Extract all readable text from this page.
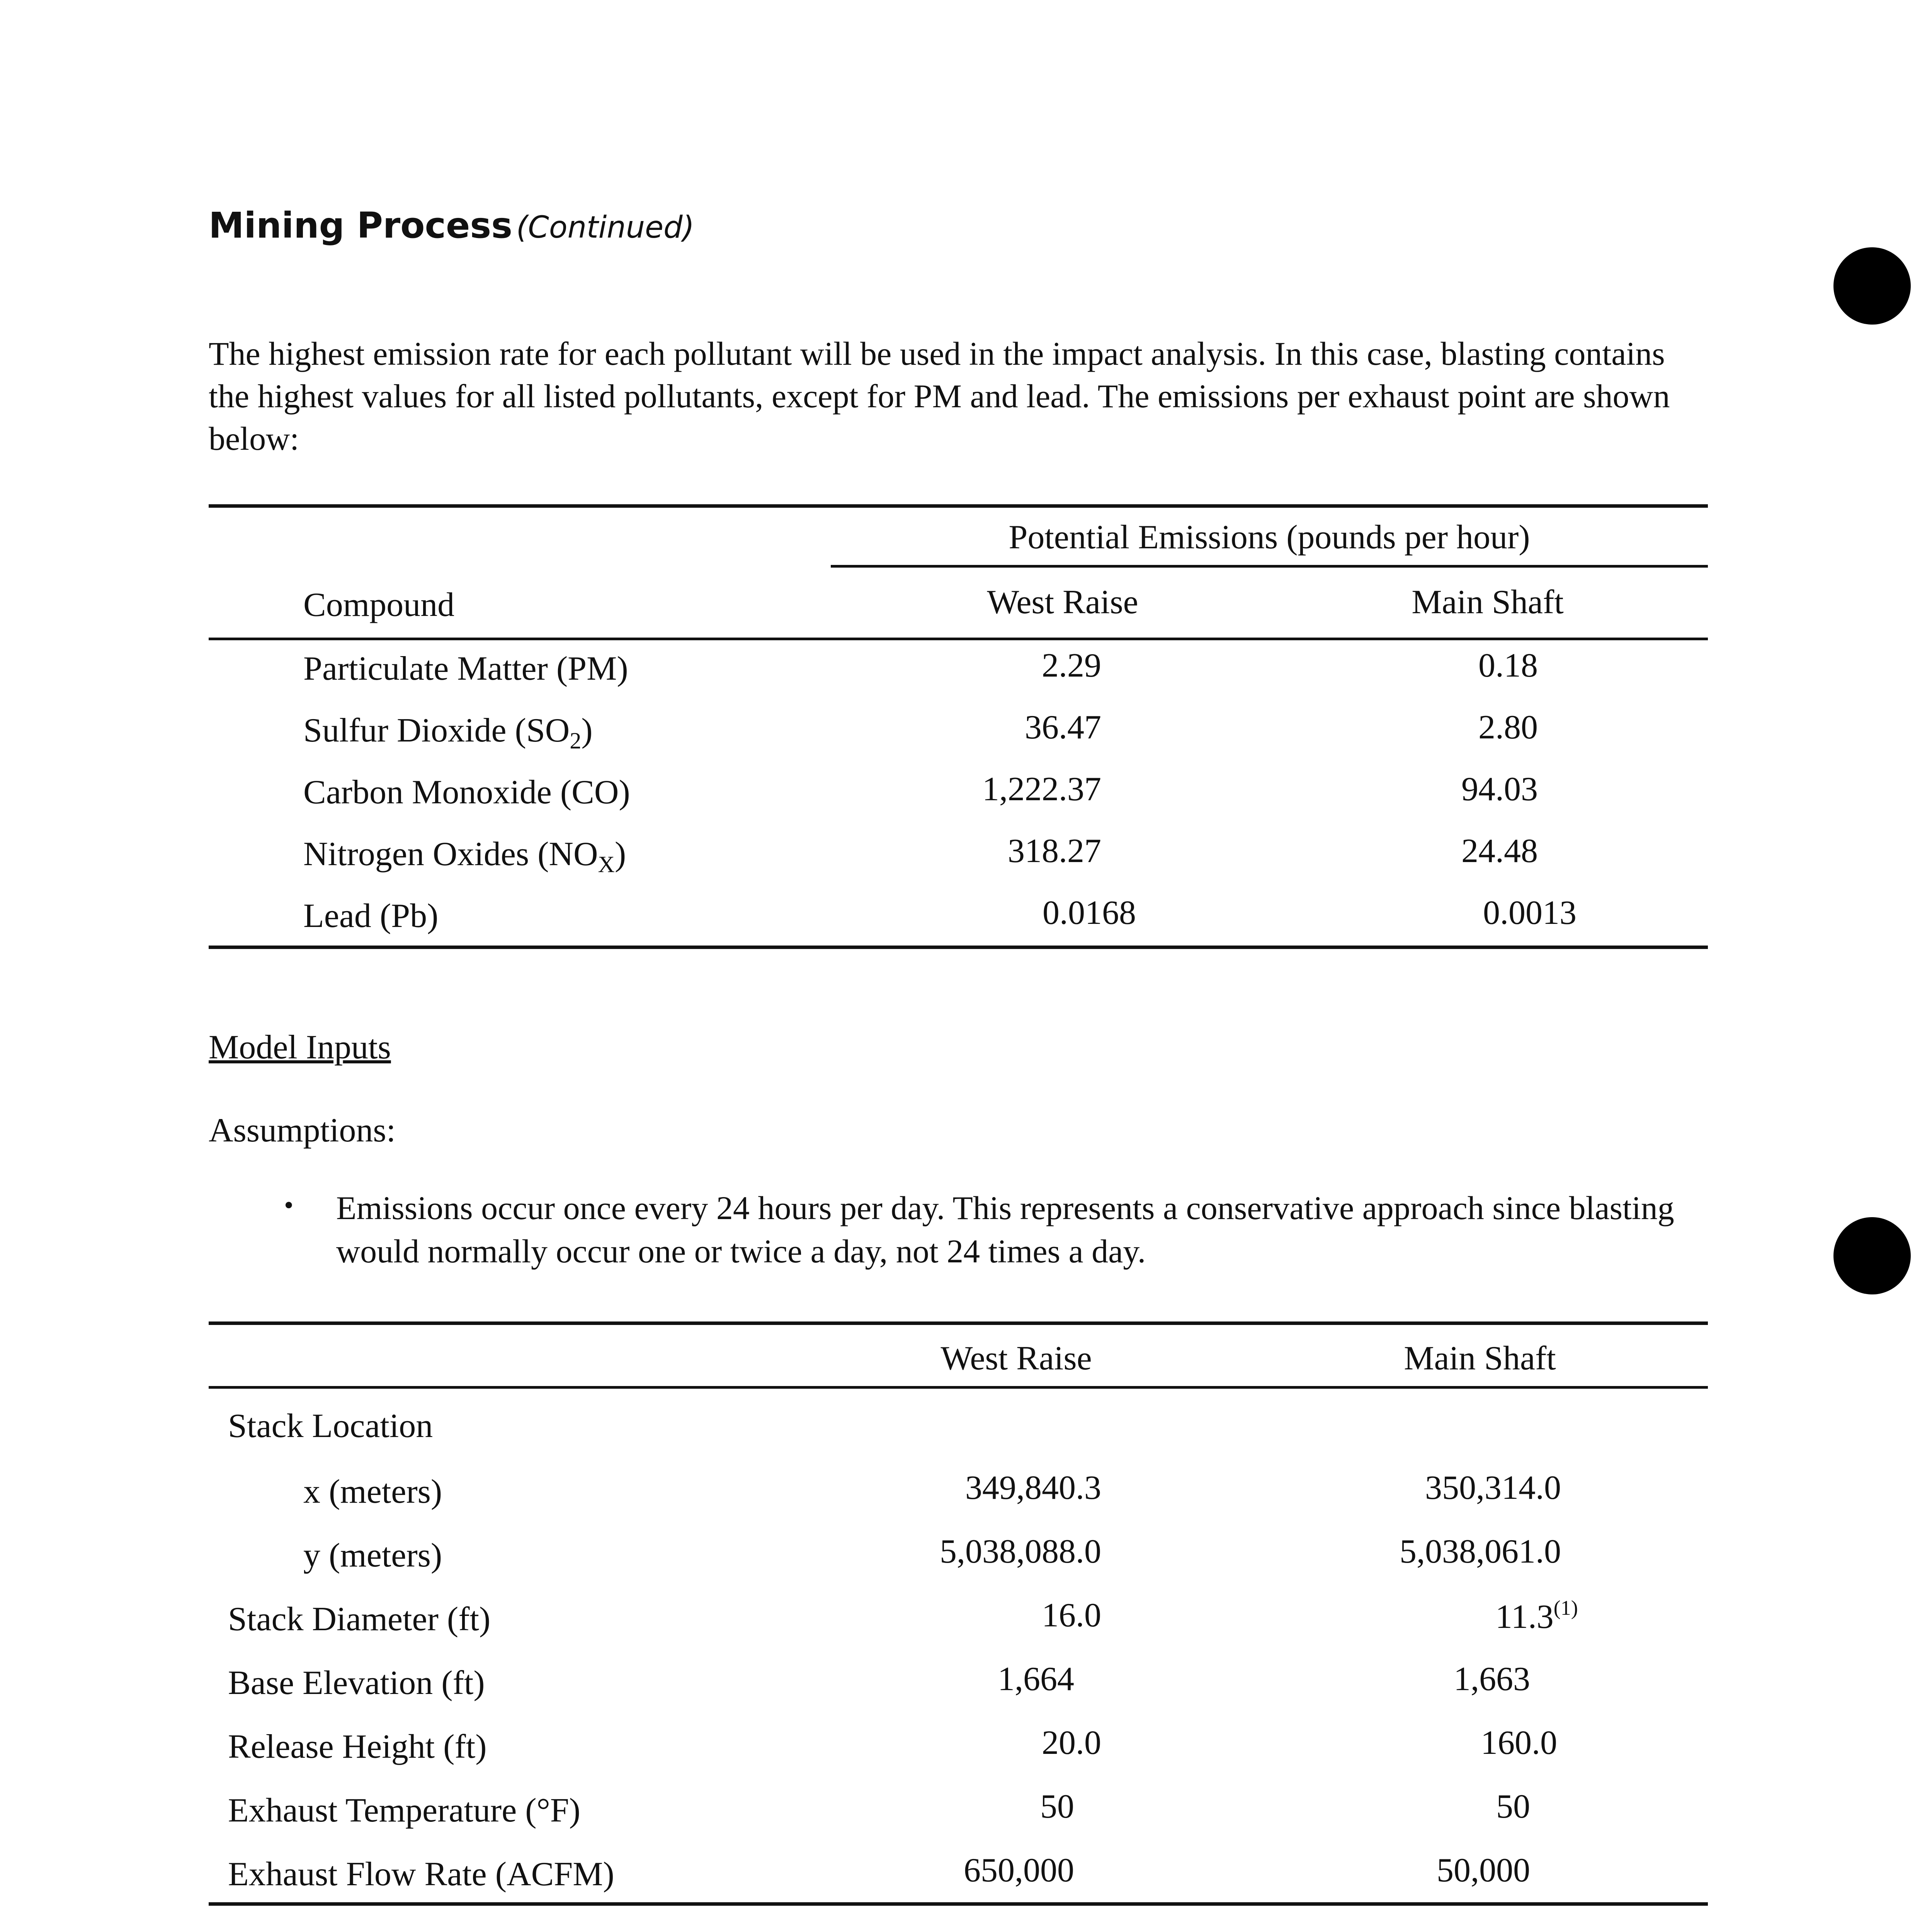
Mining Process (Continued)
The highest emission rate for each pollutant will be used in the impact analysis. In this case, blasting contains the highest values for all listed pollutants, except for PM and lead. The emissions per exhaust point are shown below:
Potential Emissions (pounds per hour)
Compound	West Raise	Main Shaft
Particulate Matter (PM)	2.29	0.18
Sulfur Dioxide $(SO_2)$	36.47	2.80
Carbon Monoxide (CO)	1,222.37	94.03
Nitrogen Oxides $(NO_X)$	318.27	24.48
Lead (Pb)	0.0168	0.0013
Model Inputs
Assumptions:
• Emissions occur once every 24 hours per day. This represents a conservative approach since blasting would normally occur one or twice a day, not 24 times a day.
West Raise	Main Shaft
Stack Location
x (meters)	349,840.3	350,314.0
y (meters)	5,038,088.0	5,038,061.0
Stack Diameter (ft)	16.0	11.3$^{(1)}$
Base Elevation (ft)	1,664	1,663
Release Height (ft)	20.0	160.0
Exhaust Temperature (°F)	50	50
Exhaust Flow Rate (ACFM)	650,000	50,000
